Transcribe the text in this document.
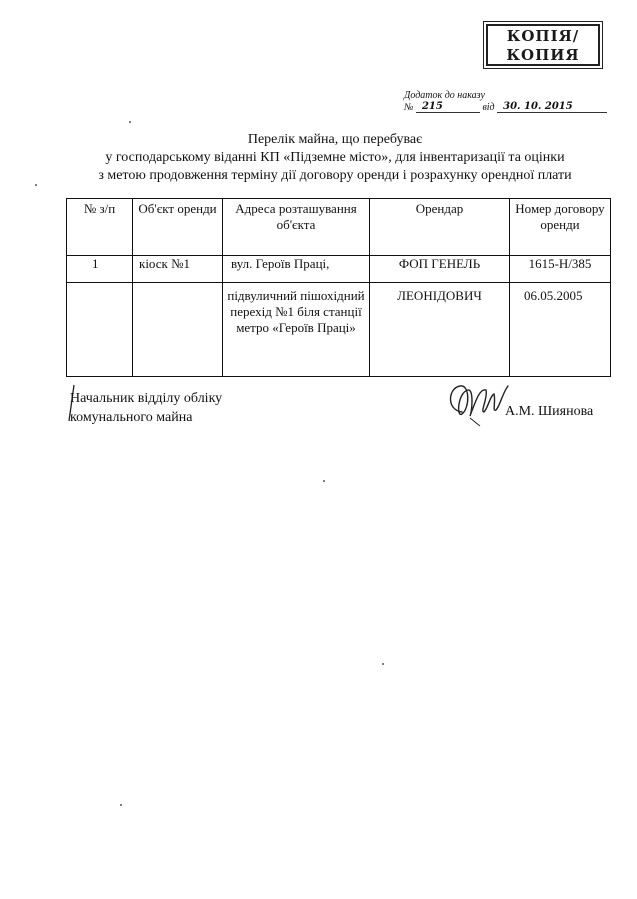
КОПІЯ/
КОПИЯ
Додаток до наказу
№ 215	від 30. 10. 2015
Перелік майна, що перебуває
у господарському віданні КП «Підземне місто», для інвентаризації та оцінки
з метою продовження терміну дії договору оренди і розрахунку орендної плати
№ з/п	Об'єкт оренди	Адреса розташування об'єкта	Орендар	Номер договору оренди
1	кіоск №1	вул. Героїв Праці,	ФОП ГЕНЕЛЬ	1615-Н/385
		підвуличний пішохідний перехід №1 біля станції метро «Героїв Праці»	ЛЕОНІДОВИЧ	06.05.2005
Начальник відділу обліку
комунального майна	А.М. Шиянова
